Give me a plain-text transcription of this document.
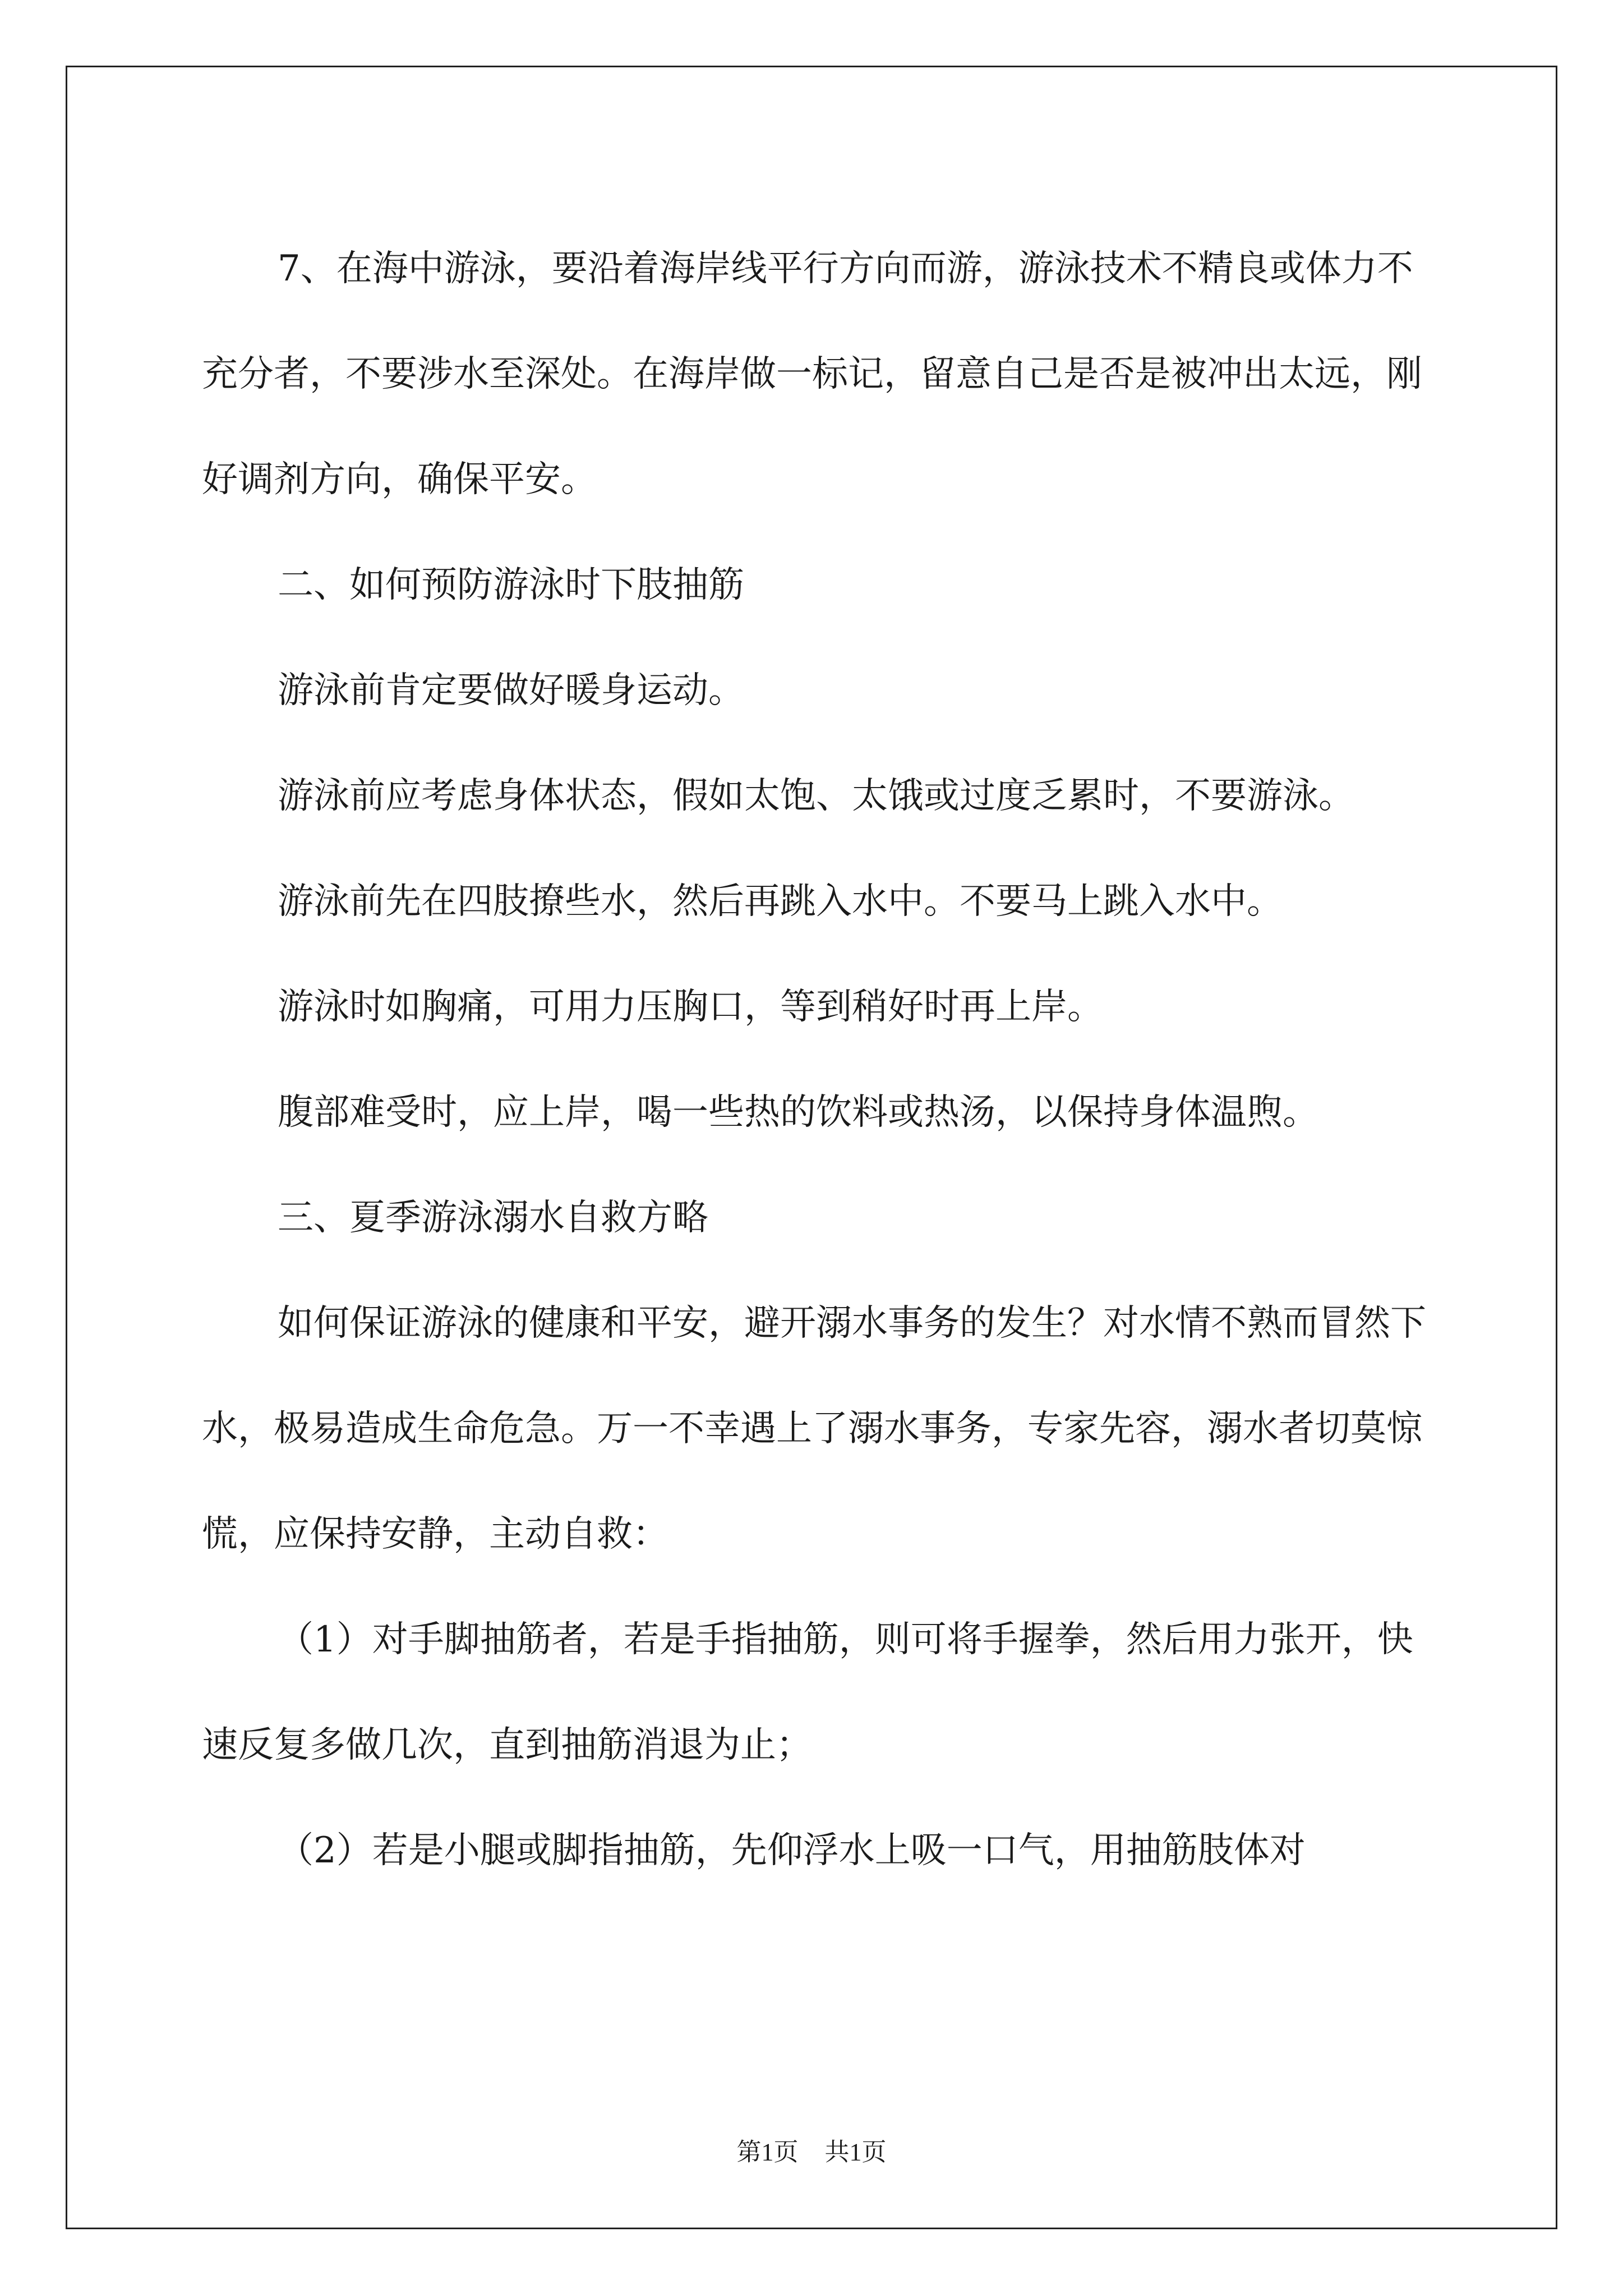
7、在海中游泳，要沿着海岸线平行方向而游，游泳技术不精良或体力不充分者，不要涉水至深处。在海岸做一标记，留意自己是否是被冲出太远，刚好调剂方向，确保平安。

二、如何预防游泳时下肢抽筋

游泳前肯定要做好暖身运动。

游泳前应考虑身体状态，假如太饱、太饿或过度乏累时，不要游泳。

游泳前先在四肢撩些水，然后再跳入水中。不要马上跳入水中。

游泳时如胸痛，可用力压胸口，等到稍好时再上岸。

腹部难受时，应上岸，喝一些热的饮料或热汤，以保持身体温煦。

三、夏季游泳溺水自救方略

如何保证游泳的健康和平安，避开溺水事务的发生？对水情不熟而冒然下水，极易造成生命危急。万一不幸遇上了溺水事务，专家先容，溺水者切莫惊慌，应保持安静，主动自救：

（1）对手脚抽筋者，若是手指抽筋，则可将手握拳，然后用力张开，快速反复多做几次，直到抽筋消退为止；

（2）若是小腿或脚指抽筋，先仰浮水上吸一口气，用抽筋肢体对

第1页 共1页
